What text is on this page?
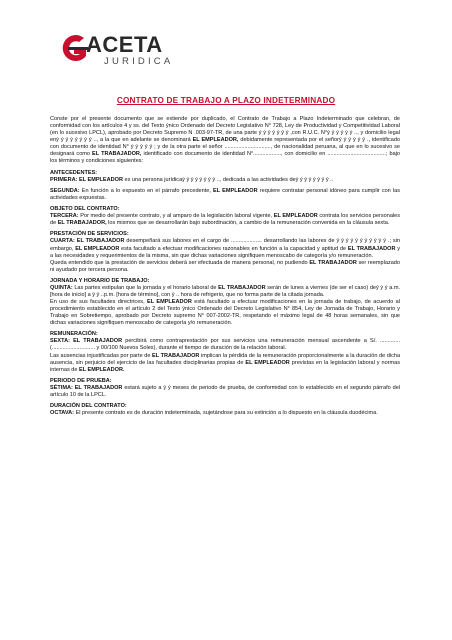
ACETA
JURIDICA
CONTRATO DE TRABAJO A PLAZO INDETERMINADO

Conste por el presente documento que se extiende por duplicado, el Contrato de Trabajo a Plazo Indeterminado que celebran, de conformidad con los artículos 4 y ss. del Texto ýnico Ordenado del Decreto Legislativo N° 728, Ley de Productividad y Competitividad Laboral (en lo sucesivo LPCL), aprobado por Decreto Supremo N .003-97-TR, de una parte ý ý ý ý ý ý ý ,con R.U.C. N°ý ý ý ý ý ý .., y domicilio legal ený ý ý ý ý ý ý ý .., a la que en adelante se denominará EL EMPLEADOR, debidamente representada por el señorý ý ý ý ý ý ., identificado con documento de identidad N° ý ý ý ý ý ; y de la otra parte el señor .............................., de nacionalidad peruana, al que en lo sucesivo se designará como EL TRABAJADOR, identificado con documento de identidad N°.................., con domicilio en ......................................; bajo los términos y condiciones siguientes:

ANTECEDENTES:

PRIMERA: EL EMPLEADOR es una persona jurídicaý ý ý ý ý ý ý ý .., dedicada a las actividades deý ý ý ý ý ý ý ý ..

SEGUNDA: En función a lo expuesto en el párrafo precedente, EL EMPLEADOR requiere contratar personal idóneo para cumplir con las actividades expuestas.

OBJETO DEL CONTRATO:

TERCERA: Por medio del presente contrato, y al amparo de la legislación laboral vigente, EL EMPLEADOR contrata los servicios personales de EL TRABAJADOR, los mismos que se desarrollarán bajo subordinación, a cambio de la remuneración convenida en la cláusula sexta.

PRESTACIÓN DE SERVICIOS:

CUARTA: EL TRABAJADOR desempeñará sus labores en el cargo de .................... desarrollando las labores de ý ý ý ý ý ý ý ý ý ý ý .; sin embargo, EL EMPLEADOR esta facultado a efectuar modificaciones razonables en función a la capacidad y aptitud de EL TRABAJADOR y a las necesidades y requerimientos de la misma, sin que dichas variaciones signifiquen menoscabo de categoría y/o remuneración.

Queda entendido que la prestación de servicios deberá ser efectuada de manera personal, no pudiendo EL TRABAJADOR ser reemplazado ni ayudado por tercera persona.

JORNADA Y HORARIO DE TRABAJO:

QUINTA: Las partes estipulan que la jornada y el horario laboral de EL TRABAJADOR serán de lunes a viernes (de ser el caso) deý ý ý a.m. [hora de inicio] a ý ý ..p.m. [hora de término], con ý .. hora de refrigerio, que no forma parte de la citada jornada.

En uso de sus facultades directrices, EL EMPLEADOR está facultado a efectuar modificaciones en la jornada de trabajo, de acuerdo al procedimiento establecido en el artículo 2 del Texto ýnico Ordenado del Decreto Legislativo N° 854, Ley de Jornada de Trabajo, Horario y Trabajo en Sobretiempo, aprobado por Decreto supremo N° 007-2002-TR, respetando el máximo legal de 48 horas semanales, sin que dichas variaciones signifiquen menoscabo de categoría y/o remuneración.

REMUNERACIÓN:

SEXTA: EL TRABAJADOR percibirá como contraprestación por sus servicios una remuneración mensual ascendente a S/. ............. (............................ y 00/100 Nuevos Soles), durante el tiempo de duración de la relación laboral.

Las ausencias injustificadas por parte de EL TRABAJADOR implican la pérdida de la remuneración proporcionalmente a la duración de dicha ausencia, sin perjuicio del ejercicio de las facultades disciplinarias propias de EL EMPLEADOR previstas en la legislación laboral y normas internas de EL EMPLEADOR.

PERIODO DE PRUEBA:

SÉTIMA: EL TRABAJADOR estará sujeto a ý ý meses de periodo de prueba, de conformidad con lo establecido en el segundo párrafo del artículo 10 de la LPCL.

DURACIÓN DEL CONTRATO:

OCTAVA: El presente contrato es de duración indeterminada, sujetándose para su extinción a lo dispuesto en la cláusula duodécima.
